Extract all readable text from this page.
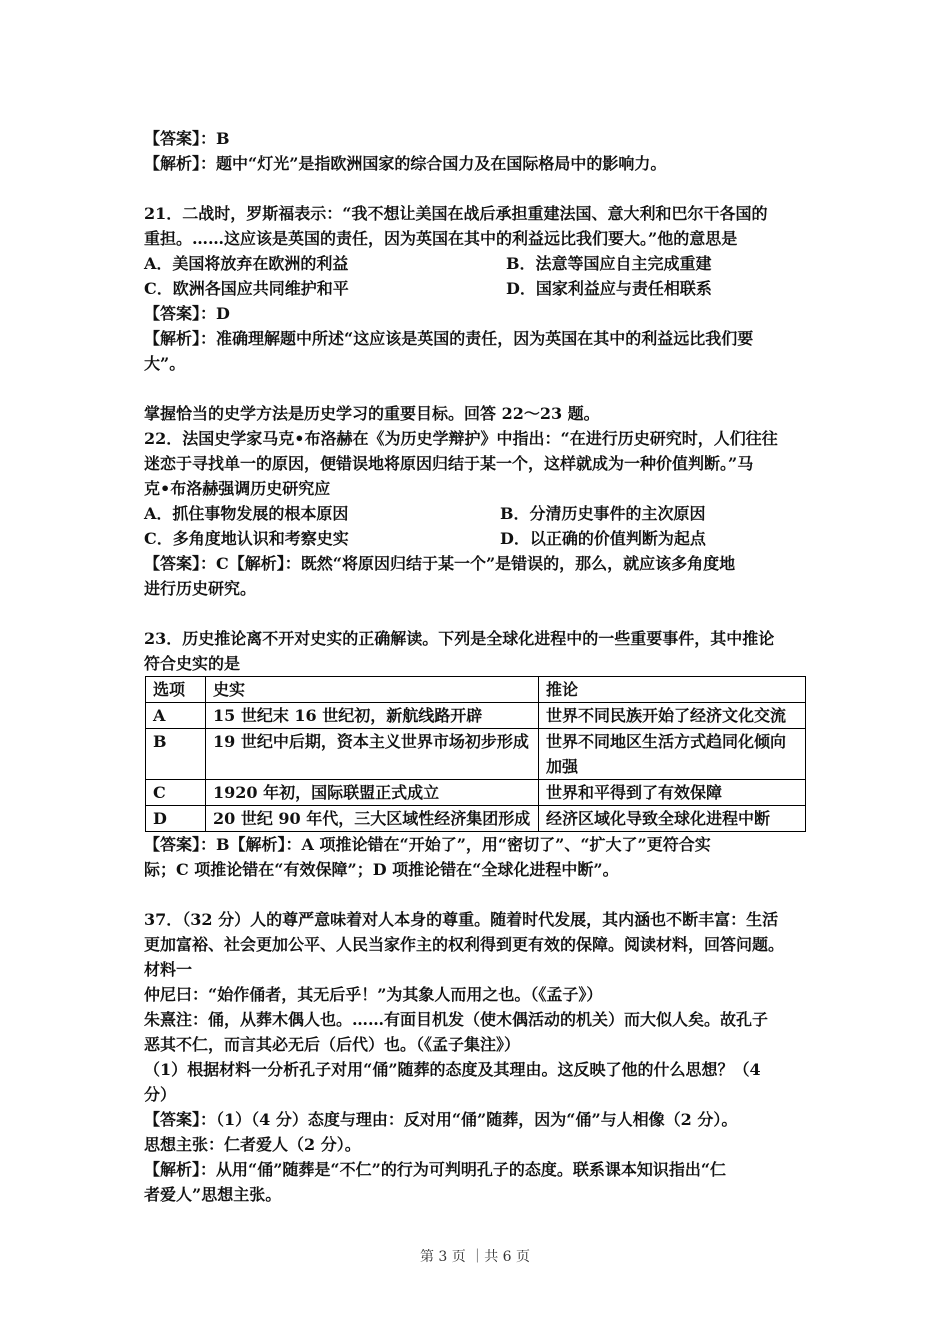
【答案】：B
【解析】：题中“灯光”是指欧洲国家的综合国力及在国际格局中的影响力。
21．二战时，罗斯福表示：“我不想让美国在战后承担重建法国、意大利和巴尔干各国的
重担。……这应该是英国的责任，因为英国在其中的利益远比我们要大。”他的意思是
A．美国将放弃在欧洲的利益	B．法意等国应自主完成重建
C．欧洲各国应共同维护和平	D．国家利益应与责任相联系
【答案】：D
【解析】：准确理解题中所述“这应该是英国的责任，因为英国在其中的利益远比我们要
大”。
掌握恰当的史学方法是历史学习的重要目标。回答 22～23 题。
22．法国史学家马克•布洛赫在《为历史学辩护》中指出：“在进行历史研究时，人们往往
迷恋于寻找单一的原因，便错误地将原因归结于某一个，这样就成为一种价值判断。”马
克•布洛赫强调历史研究应
A．抓住事物发展的根本原因	B．分清历史事件的主次原因
C．多角度地认识和考察史实	D．以正确的价值判断为起点
【答案】：C【解析】：既然“将原因归结于某一个”是错误的，那么，就应该多角度地
进行历史研究。
23．历史推论离不开对史实的正确解读。下列是全球化进程中的一些重要事件，其中推论
符合史实的是
选项	史实	推论
A	15 世纪末 16 世纪初，新航线路开辟	世界不同民族开始了经济文化交流
B	19 世纪中后期，资本主义世界市场初步形成	世界不同地区生活方式趋同化倾向加强
C	1920 年初，国际联盟正式成立	世界和平得到了有效保障
D	20 世纪 90 年代，三大区域性经济集团形成	经济区域化导致全球化进程中断
【答案】：B【解析】：A 项推论错在“开始了”，用“密切了”、“扩大了”更符合实
际；C 项推论错在“有效保障”；D 项推论错在“全球化进程中断”。
37．（32 分）人的尊严意味着对人本身的尊重。随着时代发展，其内涵也不断丰富：生活
更加富裕、社会更加公平、人民当家作主的权利得到更有效的保障。阅读材料，回答问题。
材料一
仲尼曰：“始作俑者，其无后乎！”为其象人而用之也。（《孟子》）
朱熹注：俑，从葬木偶人也。……有面目机发（使木偶活动的机关）而大似人矣。故孔子
恶其不仁，而言其必无后（后代）也。（《孟子集注》）
（1）根据材料一分析孔子对用“俑”随葬的态度及其理由。这反映了他的什么思想？（4
分）
【答案】：（1）（4 分）态度与理由：反对用“俑”随葬，因为“俑”与人相像（2 分）。
思想主张：仁者爱人（2 分）。
【解析】：从用“俑”随葬是“不仁”的行为可判明孔子的态度。联系课本知识指出“仁
者爱人”思想主张。
第 3 页 ｜共 6 页
